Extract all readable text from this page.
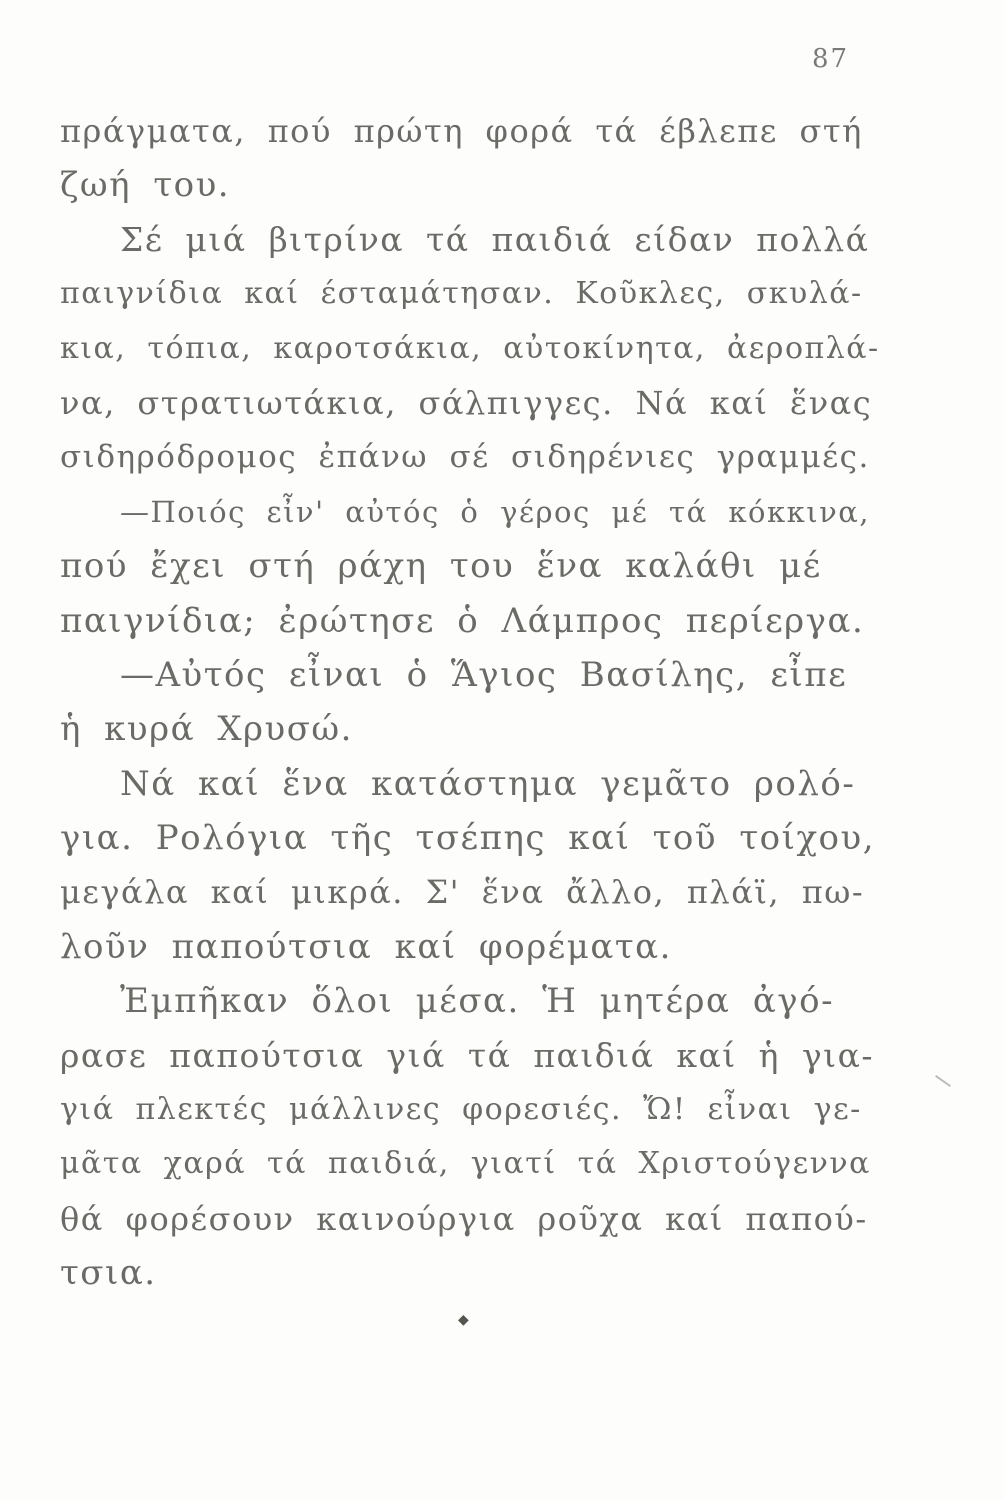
87
πράγματα, πού πρώτη φορά τά έβλεπε στή
ζωή του.
Σέ μιά βιτρίνα τά παιδιά είδαν πολλά
παιγνίδια καί έσταμάτησαν. Κοῦκλες, σκυλά-
κια, τόπια, καροτσάκια, αὐτοκίνητα, ἀεροπλά-
να, στρατιωτάκια, σάλπιγγες. Νά καί ἕνας
σιδηρόδρομος ἐπάνω σέ σιδηρένιες γραμμές.
—Ποιός εἶν' αὐτός ὁ γέρος μέ τά κόκκινα,
πού ἔχει στή ράχη του ἕνα καλάθι μέ
παιγνίδια; ἐρώτησε ὁ Λάμπρος περίεργα.
—Αὐτός εἶναι ὁ Ἅγιος Βασίλης, εἶπε
ἡ κυρά Χρυσώ.
Νά καί ἕνα κατάστημα γεμᾶτο ρολό-
για. Ρολόγια τῆς τσέπης καί τοῦ τοίχου,
μεγάλα καί μικρά. Σ' ἕνα ἄλλο, πλάϊ, πω-
λοῦν παπούτσια καί φορέματα.
Ἐμπῆκαν ὅλοι μέσα. Ἡ μητέρα ἀγό-
ρασε παπούτσια γιά τά παιδιά καί ἡ για-
γιά πλεκτές μάλλινες φορεσιές. Ὤ! εἶναι γε-
μᾶτα χαρά τά παιδιά, γιατί τά Χριστούγεννα
θά φορέσουν καινούργια ροῦχα καί παπού-
τσια.
◆
